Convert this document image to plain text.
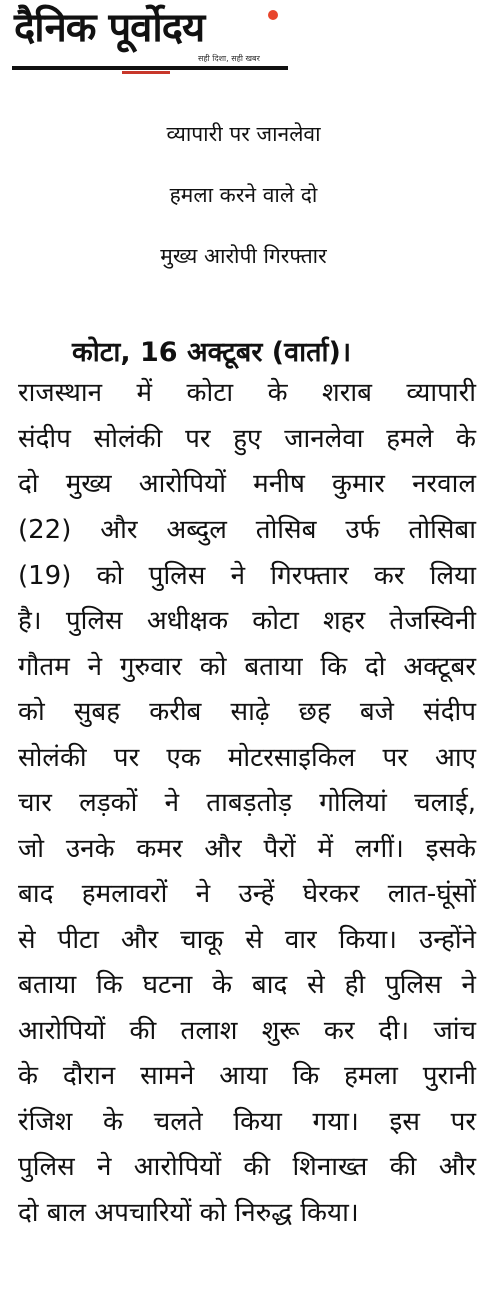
दैनिक पूर्वोदय
सही दिशा, सही खबर
व्यापारी पर जानलेवा
हमला करने वाले दो
मुख्य आरोपी गिरफ्तार
कोटा, 16 अक्टूबर (वार्ता)।
राजस्थान में कोटा के शराब व्यापारी
संदीप सोलंकी पर हुए जानलेवा हमले के
दो मुख्य आरोपियों मनीष कुमार नरवाल
(22) और अब्दुल तोसिब उर्फ तोसिबा
(19) को पुलिस ने गिरफ्तार कर लिया
है। पुलिस अधीक्षक कोटा शहर तेजस्विनी
गौतम ने गुरुवार को बताया कि दो अक्टूबर
को सुबह करीब साढ़े छह बजे संदीप
सोलंकी पर एक मोटरसाइकिल पर आए
चार लड़कों ने ताबड़तोड़ गोलियां चलाई,
जो उनके कमर और पैरों में लगीं। इसके
बाद हमलावरों ने उन्हें घेरकर लात-घूंसों
से पीटा और चाकू से वार किया। उन्होंने
बताया कि घटना के बाद से ही पुलिस ने
आरोपियों की तलाश शुरू कर दी। जांच
के दौरान सामने आया कि हमला पुरानी
रंजिश के चलते किया गया। इस पर
पुलिस ने आरोपियों की शिनाख्त की और
दो बाल अपचारियों को निरुद्ध किया।
